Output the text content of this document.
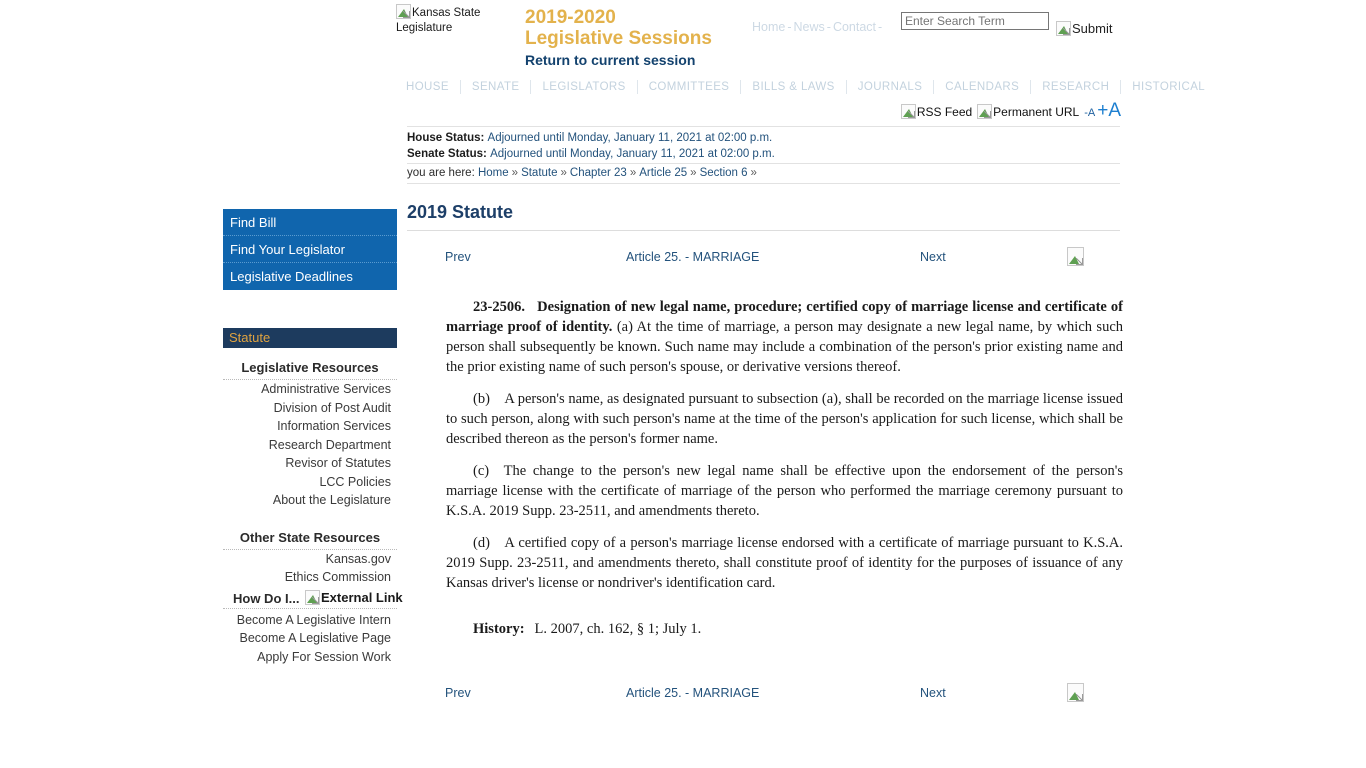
Kansas State Legislature	2019-2020
Legislative Sessions
Return to current session
Home - News - Contact -
Enter Search Term	Submit
HOUSE SENATE LEGISLATORS COMMITTEES BILLS & LAWS JOURNALS CALENDARS RESEARCH HISTORICAL
RSS Feed Permanent URL -A +A
House Status: Adjourned until Monday, January 11, 2021 at 02:00 p.m.
Senate Status: Adjourned until Monday, January 11, 2021 at 02:00 p.m.
you are here: Home » Statute » Chapter 23 » Article 25 » Section 6 »
Find Bill
Find Your Legislator
Legislative Deadlines
Statute
Legislative Resources
Administrative Services
Division of Post Audit
Information Services
Research Department
Revisor of Statutes
LCC Policies
About the Legislature
Other State Resources
Kansas.gov
Ethics Commission
How Do I...	External Link
Become A Legislative Intern
Become A Legislative Page
Apply For Session Work
2019 Statute
Prev	Article 25. - MARRIAGE	Next

23-2506. Designation of new legal name, procedure; certified copy of marriage license and certificate of marriage proof of identity. (a) At the time of marriage, a person may designate a new legal name, by which such person shall subsequently be known. Such name may include a combination of the person's prior existing name and the prior existing name of such person's spouse, or derivative versions thereof.

(b) A person's name, as designated pursuant to subsection (a), shall be recorded on the marriage license issued to such person, along with such person's name at the time of the person's application for such license, which shall be described thereon as the person's former name.

(c) The change to the person's new legal name shall be effective upon the endorsement of the person's marriage license with the certificate of marriage of the person who performed the marriage ceremony pursuant to K.S.A. 2019 Supp. 23-2511, and amendments thereto.

(d) A certified copy of a person's marriage license endorsed with a certificate of marriage pursuant to K.S.A. 2019 Supp. 23-2511, and amendments thereto, shall constitute proof of identity for the purposes of issuance of any Kansas driver's license or nondriver's identification card.

History: L. 2007, ch. 162, § 1; July 1.
Prev	Article 25. - MARRIAGE	Next
